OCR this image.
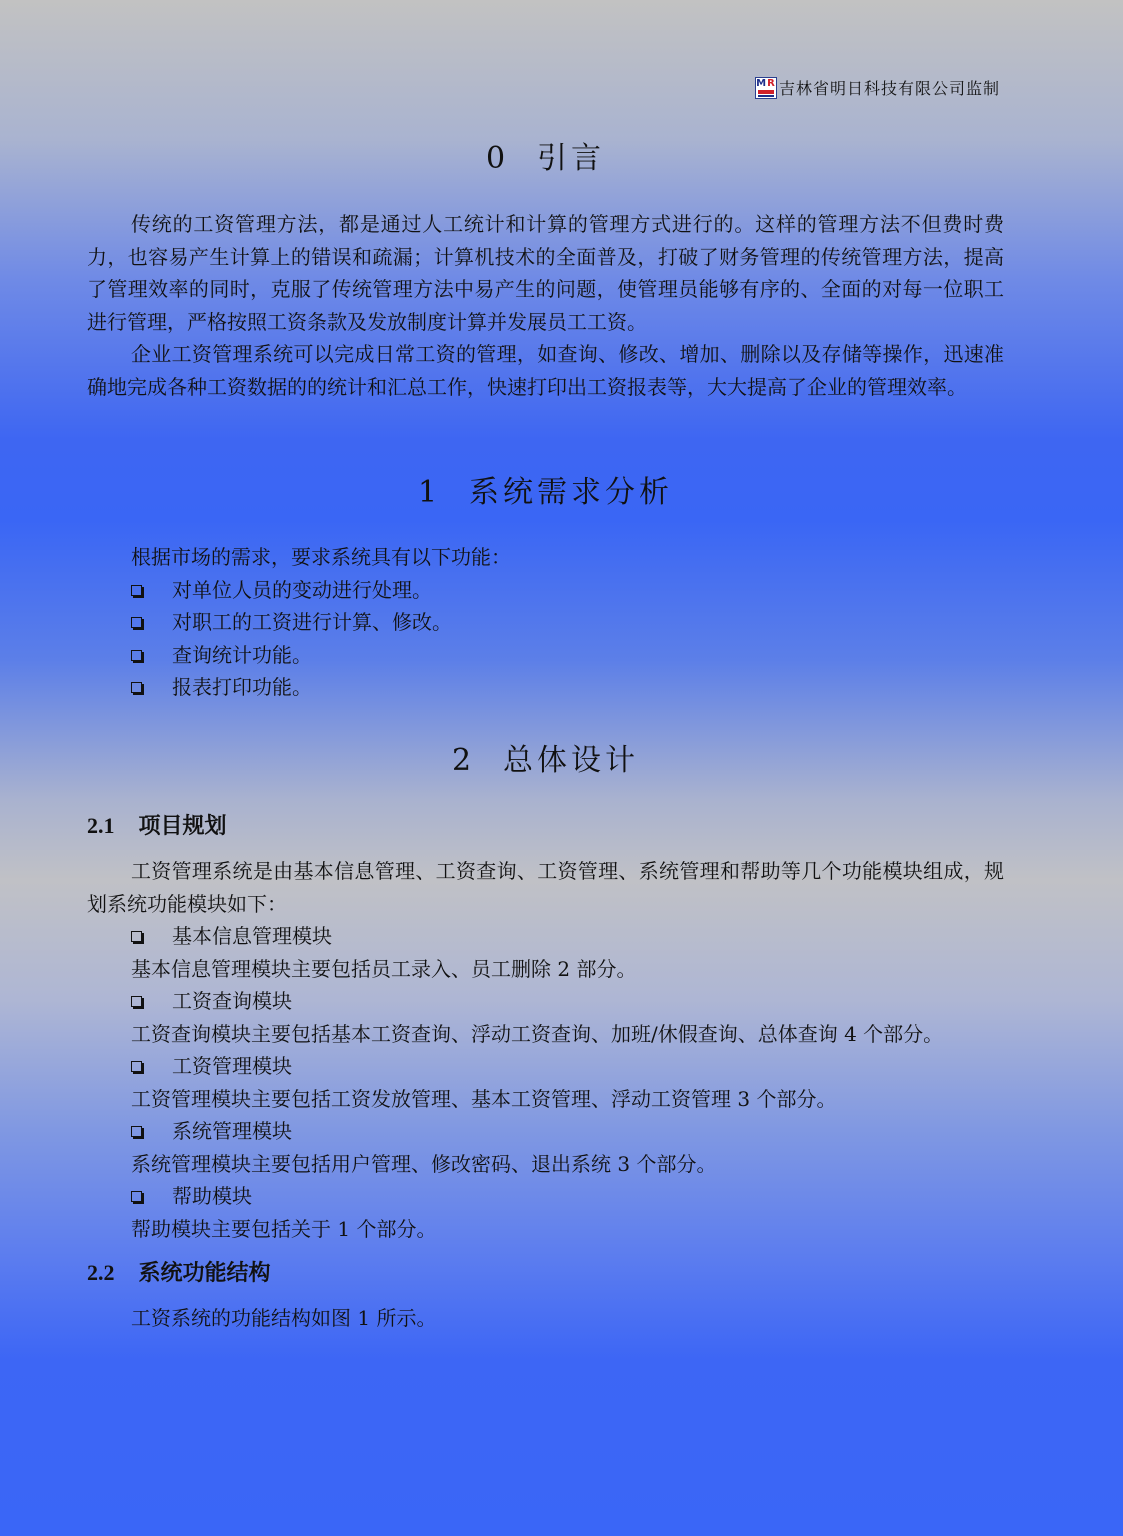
MR 吉林省明日科技有限公司监制
0 引言

传统的工资管理方法，都是通过人工统计和计算的管理方式进行的。这样的管理方法不但费时费力，也容易产生计算上的错误和疏漏；计算机技术的全面普及，打破了财务管理的传统管理方法，提高了管理效率的同时，克服了传统管理方法中易产生的问题，使管理员能够有序的、全面的对每一位职工进行管理，严格按照工资条款及发放制度计算并发展员工工资。

企业工资管理系统可以完成日常工资的管理，如查询、修改、增加、删除以及存储等操作，迅速准确地完成各种工资数据的的统计和汇总工作，快速打印出工资报表等，大大提高了企业的管理效率。

1 系统需求分析

根据市场的需求，要求系统具有以下功能：

对单位人员的变动进行处理。
对职工的工资进行计算、修改。
查询统计功能。
报表打印功能。
2 总体设计
2.1 项目规划

工资管理系统是由基本信息管理、工资查询、工资管理、系统管理和帮助等几个功能模块组成，规划系统功能模块如下：

基本信息管理模块

基本信息管理模块主要包括员工录入、员工删除 2 部分。

工资查询模块

工资查询模块主要包括基本工资查询、浮动工资查询、加班/休假查询、总体查询 4 个部分。

工资管理模块

工资管理模块主要包括工资发放管理、基本工资管理、浮动工资管理 3 个部分。

系统管理模块

系统管理模块主要包括用户管理、修改密码、退出系统 3 个部分。

帮助模块

帮助模块主要包括关于 1 个部分。

2.2 系统功能结构

工资系统的功能结构如图 1 所示。
